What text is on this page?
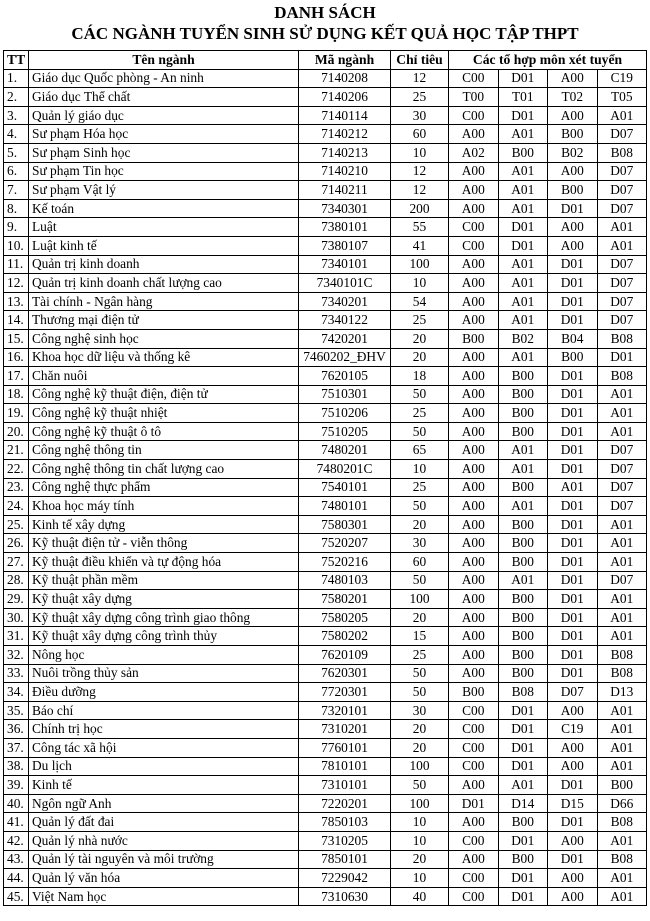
DANH SÁCH
CÁC NGÀNH TUYỂN SINH SỬ DỤNG KẾT QUẢ HỌC TẬP THPT
TT	Tên ngành	Mã ngành	Chỉ tiêu	Các tổ hợp môn xét tuyển			
1.	Giáo dục Quốc phòng - An ninh	7140208	12	C00	D01	A00	C19
2.	Giáo dục Thể chất	7140206	25	T00	T01	T02	T05
3.	Quản lý giáo dục	7140114	30	C00	D01	A00	A01
4.	Sư phạm Hóa học	7140212	60	A00	A01	B00	D07
5.	Sư phạm Sinh học	7140213	10	A02	B00	B02	B08
6.	Sư phạm Tin học	7140210	12	A00	A01	A00	D07
7.	Sư phạm Vật lý	7140211	12	A00	A01	B00	D07
8.	Kế toán	7340301	200	A00	A01	D01	D07
9.	Luật	7380101	55	C00	D01	A00	A01
10.	Luật kinh tế	7380107	41	C00	D01	A00	A01
11.	Quản trị kinh doanh	7340101	100	A00	A01	D01	D07
12.	Quản trị kinh doanh chất lượng cao	7340101C	10	A00	A01	D01	D07
13.	Tài chính - Ngân hàng	7340201	54	A00	A01	D01	D07
14.	Thương mại điện tử	7340122	25	A00	A01	D01	D07
15.	Công nghệ sinh học	7420201	20	B00	B02	B04	B08
16.	Khoa học dữ liệu và thống kê	7460202_ĐHV	20	A00	A01	B00	D01
17.	Chăn nuôi	7620105	18	A00	B00	D01	B08
18.	Công nghệ kỹ thuật điện, điện tử	7510301	50	A00	B00	D01	A01
19.	Công nghệ kỹ thuật nhiệt	7510206	25	A00	B00	D01	A01
20.	Công nghệ kỹ thuật ô tô	7510205	50	A00	B00	D01	A01
21.	Công nghệ thông tin	7480201	65	A00	A01	D01	D07
22.	Công nghệ thông tin chất lượng cao	7480201C	10	A00	A01	D01	D07
23.	Công nghệ thực phẩm	7540101	25	A00	B00	A01	D07
24.	Khoa học máy tính	7480101	50	A00	A01	D01	D07
25.	Kinh tế xây dựng	7580301	20	A00	B00	D01	A01
26.	Kỹ thuật điện tử - viễn thông	7520207	30	A00	B00	D01	A01
27.	Kỹ thuật điều khiển và tự động hóa	7520216	60	A00	B00	D01	A01
28.	Kỹ thuật phần mềm	7480103	50	A00	A01	D01	D07
29.	Kỹ thuật xây dựng	7580201	100	A00	B00	D01	A01
30.	Kỹ thuật xây dựng công trình giao thông	7580205	20	A00	B00	D01	A01
31.	Kỹ thuật xây dựng công trình thủy	7580202	15	A00	B00	D01	A01
32.	Nông học	7620109	25	A00	B00	D01	B08
33.	Nuôi trồng thủy sản	7620301	50	A00	B00	D01	B08
34.	Điều dưỡng	7720301	50	B00	B08	D07	D13
35.	Báo chí	7320101	30	C00	D01	A00	A01
36.	Chính trị học	7310201	20	C00	D01	C19	A01
37.	Công tác xã hội	7760101	20	C00	D01	A00	A01
38.	Du lịch	7810101	100	C00	D01	A00	A01
39.	Kinh tế	7310101	50	A00	A01	D01	B00
40.	Ngôn ngữ Anh	7220201	100	D01	D14	D15	D66
41.	Quản lý đất đai	7850103	10	A00	B00	D01	B08
42.	Quản lý nhà nước	7310205	10	C00	D01	A00	A01
43.	Quản lý tài nguyên và môi trường	7850101	20	A00	B00	D01	B08
44.	Quản lý văn hóa	7229042	10	C00	D01	A00	A01
45.	Việt Nam học	7310630	40	C00	D01	A00	A01
